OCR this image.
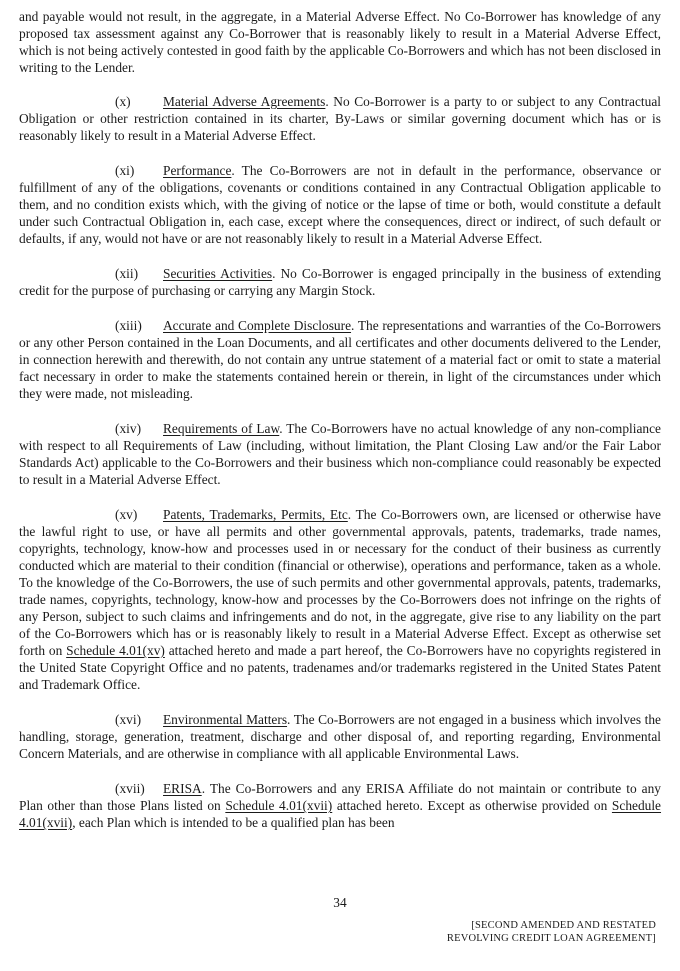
and payable would not result, in the aggregate, in a Material Adverse Effect. No Co-Borrower has knowledge of any proposed tax assessment against any Co-Borrower that is reasonably likely to result in a Material Adverse Effect, which is not being actively contested in good faith by the applicable Co-Borrowers and which has not been disclosed in writing to the Lender.

(x) Material Adverse Agreements. No Co-Borrower is a party to or subject to any Contractual Obligation or other restriction contained in its charter, By-Laws or similar governing document which has or is reasonably likely to result in a Material Adverse Effect.

(xi) Performance. The Co-Borrowers are not in default in the performance, observance or fulfillment of any of the obligations, covenants or conditions contained in any Contractual Obligation applicable to them, and no condition exists which, with the giving of notice or the lapse of time or both, would constitute a default under such Contractual Obligation in, each case, except where the consequences, direct or indirect, of such default or defaults, if any, would not have or are not reasonably likely to result in a Material Adverse Effect.

(xii) Securities Activities. No Co-Borrower is engaged principally in the business of extending credit for the purpose of purchasing or carrying any Margin Stock.

(xiii) Accurate and Complete Disclosure. The representations and warranties of the Co-Borrowers or any other Person contained in the Loan Documents, and all certificates and other documents delivered to the Lender, in connection herewith and therewith, do not contain any untrue statement of a material fact or omit to state a material fact necessary in order to make the statements contained herein or therein, in light of the circumstances under which they were made, not misleading.

(xiv) Requirements of Law. The Co-Borrowers have no actual knowledge of any non-compliance with respect to all Requirements of Law (including, without limitation, the Plant Closing Law and/or the Fair Labor Standards Act) applicable to the Co-Borrowers and their business which non-compliance could reasonably be expected to result in a Material Adverse Effect.

(xv) Patents, Trademarks, Permits, Etc. The Co-Borrowers own, are licensed or otherwise have the lawful right to use, or have all permits and other governmental approvals, patents, trademarks, trade names, copyrights, technology, know-how and processes used in or necessary for the conduct of their business as currently conducted which are material to their condition (financial or otherwise), operations and performance, taken as a whole. To the knowledge of the Co-Borrowers, the use of such permits and other governmental approvals, patents, trademarks, trade names, copyrights, technology, know-how and processes by the Co-Borrowers does not infringe on the rights of any Person, subject to such claims and infringements and do not, in the aggregate, give rise to any liability on the part of the Co-Borrowers which has or is reasonably likely to result in a Material Adverse Effect. Except as otherwise set forth on Schedule 4.01(xv) attached hereto and made a part hereof, the Co-Borrowers have no copyrights registered in the United State Copyright Office and no patents, tradenames and/or trademarks registered in the United States Patent and Trademark Office.

(xvi) Environmental Matters. The Co-Borrowers are not engaged in a business which involves the handling, storage, generation, treatment, discharge and other disposal of, and reporting regarding, Environmental Concern Materials, and are otherwise in compliance with all applicable Environmental Laws.

(xvii) ERISA. The Co-Borrowers and any ERISA Affiliate do not maintain or contribute to any Plan other than those Plans listed on Schedule 4.01(xvii) attached hereto. Except as otherwise provided on Schedule 4.01(xvii), each Plan which is intended to be a qualified plan has been

34
[SECOND AMENDED AND RESTATED
REVOLVING CREDIT LOAN AGREEMENT]
